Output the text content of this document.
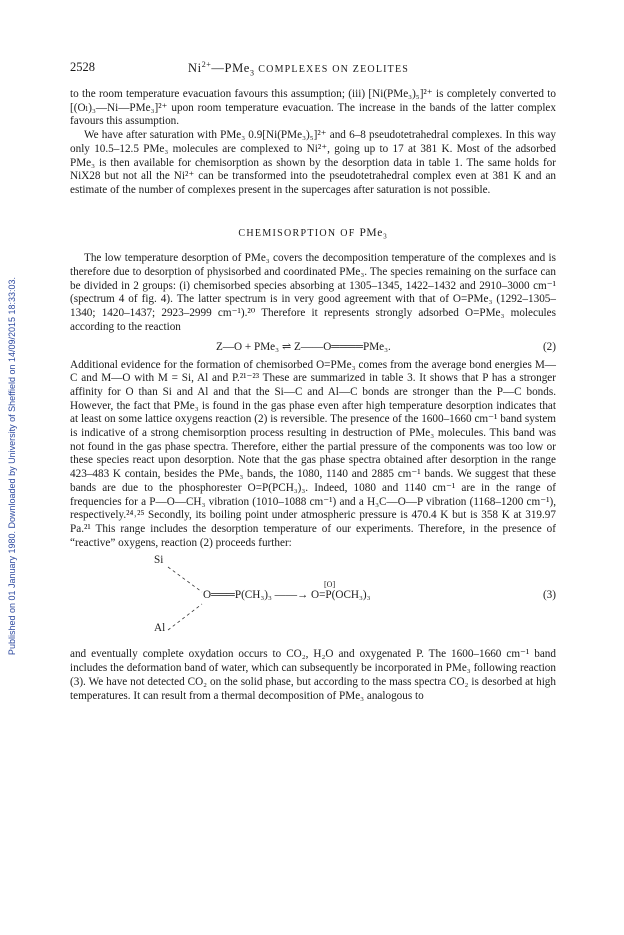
Published on 01 January 1980. Downloaded by University of Sheffield on 14/09/2015 18:33:03.
2528	$Ni^{2+}—PMe_3$ COMPLEXES ON ZEOLITES

to the room temperature evacuation favours this assumption; (iii) [Ni(PMe₃)₅]²⁺ is completely converted to [(Oₗ)₃—Ni—PMe₃]²⁺ upon room temperature evacuation. The increase in the bands of the latter complex favours this assumption.

We have after saturation with PMe₃ 0.9[Ni(PMe₃)₅]²⁺ and 6–8 pseudotetrahedral complexes. In this way only 10.5–12.5 PMe₃ molecules are complexed to Ni²⁺, going up to 17 at 381 K. Most of the adsorbed PMe₃ is then available for chemisorption as shown by the desorption data in table 1. The same holds for NiX28 but not all the Ni²⁺ can be transformed into the pseudotetrahedral complex even at 381 K and an estimate of the number of complexes present in the supercages after saturation is not possible.

CHEMISORPTION OF PMe₃

The low temperature desorption of PMe₃ covers the decomposition temperature of the complexes and is therefore due to desorption of physisorbed and coordinated PMe₃. The species remaining on the surface can be divided in 2 groups: (i) chemisorbed species absorbing at 1305–1345, 1422–1432 and 2910–3000 cm⁻¹ (spectrum 4 of fig. 4). The latter spectrum is in very good agreement with that of O=PMe₃ (1292–1305–1340; 1420–1437; 2923–2999 cm⁻¹).²⁰ Therefore it represents strongly adsorbed O=PMe₃ molecules according to the reaction

Z—O + PMe₃ ⇌ Z——O════PMe₃.	(2)

Additional evidence for the formation of chemisorbed O=PMe₃ comes from the average bond energies M—C and M—O with M = Si, Al and P.²¹⁻²³ These are summarized in table 3. It shows that P has a stronger affinity for O than Si and Al and that the Si—C and Al—C bonds are stronger than the P—C bonds. However, the fact that PMe₃ is found in the gas phase even after high temperature desorption indicates that at least on some lattice oxygens reaction (2) is reversible. The presence of the 1600–1660 cm⁻¹ band system is indicative of a strong chemisorption process resulting in destruction of PMe₃ molecules. This band was not found in the gas phase spectra. Therefore, either the partial pressure of the components was too low or these species react upon desorption. Note that the gas phase spectra obtained after desorption in the range 423–483 K contain, besides the PMe₃ bands, the 1080, 1140 and 2885 cm⁻¹ bands. We suggest that these bands are due to the phosphorester O=P(PCH₃)₃. Indeed, 1080 and 1140 cm⁻¹ are in the range of frequencies for a P—O—CH₃ vibration (1010–1088 cm⁻¹) and a H₃C—O—P vibration (1168–1200 cm⁻¹), respectively.²⁴˒²⁵ Secondly, its boiling point under atmospheric pressure is 470.4 K but is 358 K at 319.97 Pa.²¹ This range includes the desorption temperature of our experiments. Therefore, in the presence of “reactive” oxygens, reaction (2) proceeds further:

Si
Al
O═══P(CH₃)₃ ——→ O=P(OCH₃)₃
[O]
(3)

and eventually complete oxydation occurs to CO₂, H₂O and oxygenated P. The 1600–1660 cm⁻¹ band includes the deformation band of water, which can subsequently be incorporated in PMe₃ following reaction (3). We have not detected CO₂ on the solid phase, but according to the mass spectra CO₂ is desorbed at high temperatures. It can result from a thermal decomposition of PMe₃ analogous to
